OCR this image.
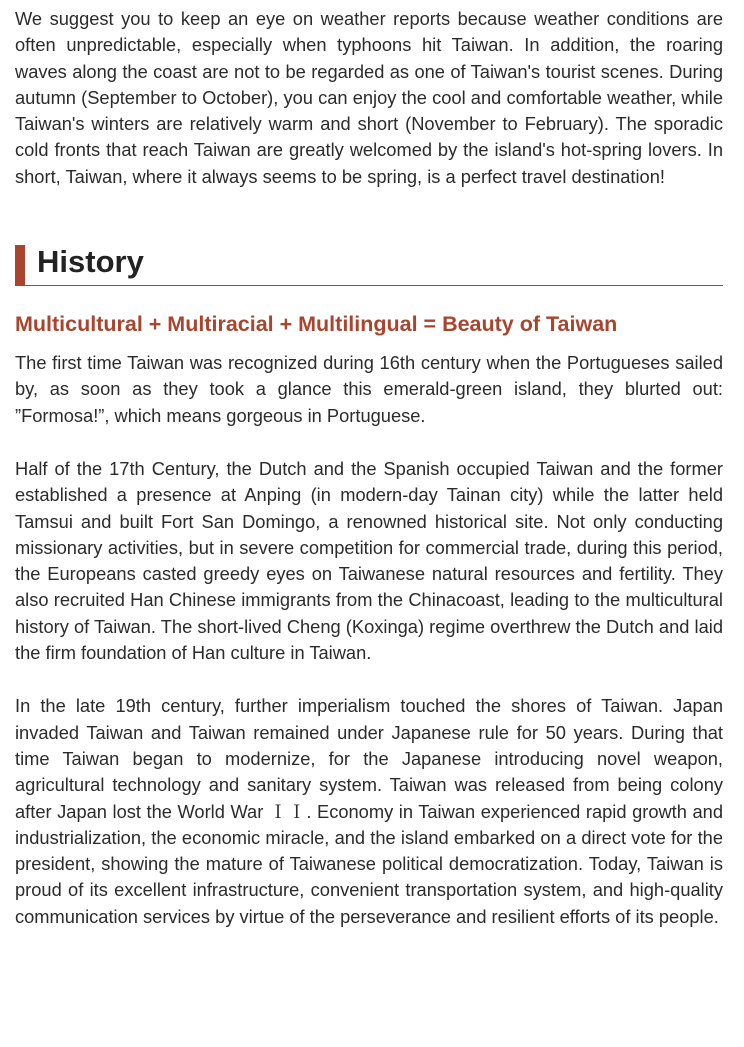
We suggest you to keep an eye on weather reports because weather conditions are often unpredictable, especially when typhoons hit Taiwan. In addition, the roaring waves along the coast are not to be regarded as one of Taiwan's tourist scenes. During autumn (September to October), you can enjoy the cool and comfortable weather, while Taiwan's winters are relatively warm and short (November to February). The sporadic cold fronts that reach Taiwan are greatly welcomed by the island's hot-spring lovers. In short, Taiwan, where it always seems to be spring, is a perfect travel destination!

History
Multicultural + Multiracial + Multilingual = Beauty of Taiwan

The first time Taiwan was recognized during 16th century when the Portugueses sailed by, as soon as they took a glance this emerald-green island, they blurted out: ”Formosa!”, which means gorgeous in Portuguese.

Half of the 17th Century, the Dutch and the Spanish occupied Taiwan and the former established a presence at Anping (in modern-day Tainan city) while the latter held Tamsui and built Fort San Domingo, a renowned historical site. Not only conducting missionary activities, but in severe competition for commercial trade, during this period, the Europeans casted greedy eyes on Taiwanese natural resources and fertility. They also recruited Han Chinese immigrants from the Chinacoast, leading to the multicultural history of Taiwan. The short-lived Cheng (Koxinga) regime overthrew the Dutch and laid the firm foundation of Han culture in Taiwan.

In the late 19th century, further imperialism touched the shores of Taiwan. Japan invaded Taiwan and Taiwan remained under Japanese rule for 50 years. During that time Taiwan began to modernize, for the Japanese introducing novel weapon, agricultural technology and sanitary system. Taiwan was released from being colony after Japan lost the World War ＩＩ. Economy in Taiwan experienced rapid growth and industrialization, the economic miracle, and the island embarked on a direct vote for the president, showing the mature of Taiwanese political democratization. Today, Taiwan is proud of its excellent infrastructure, convenient transportation system, and high-quality communication services by virtue of the perseverance and resilient efforts of its people.
